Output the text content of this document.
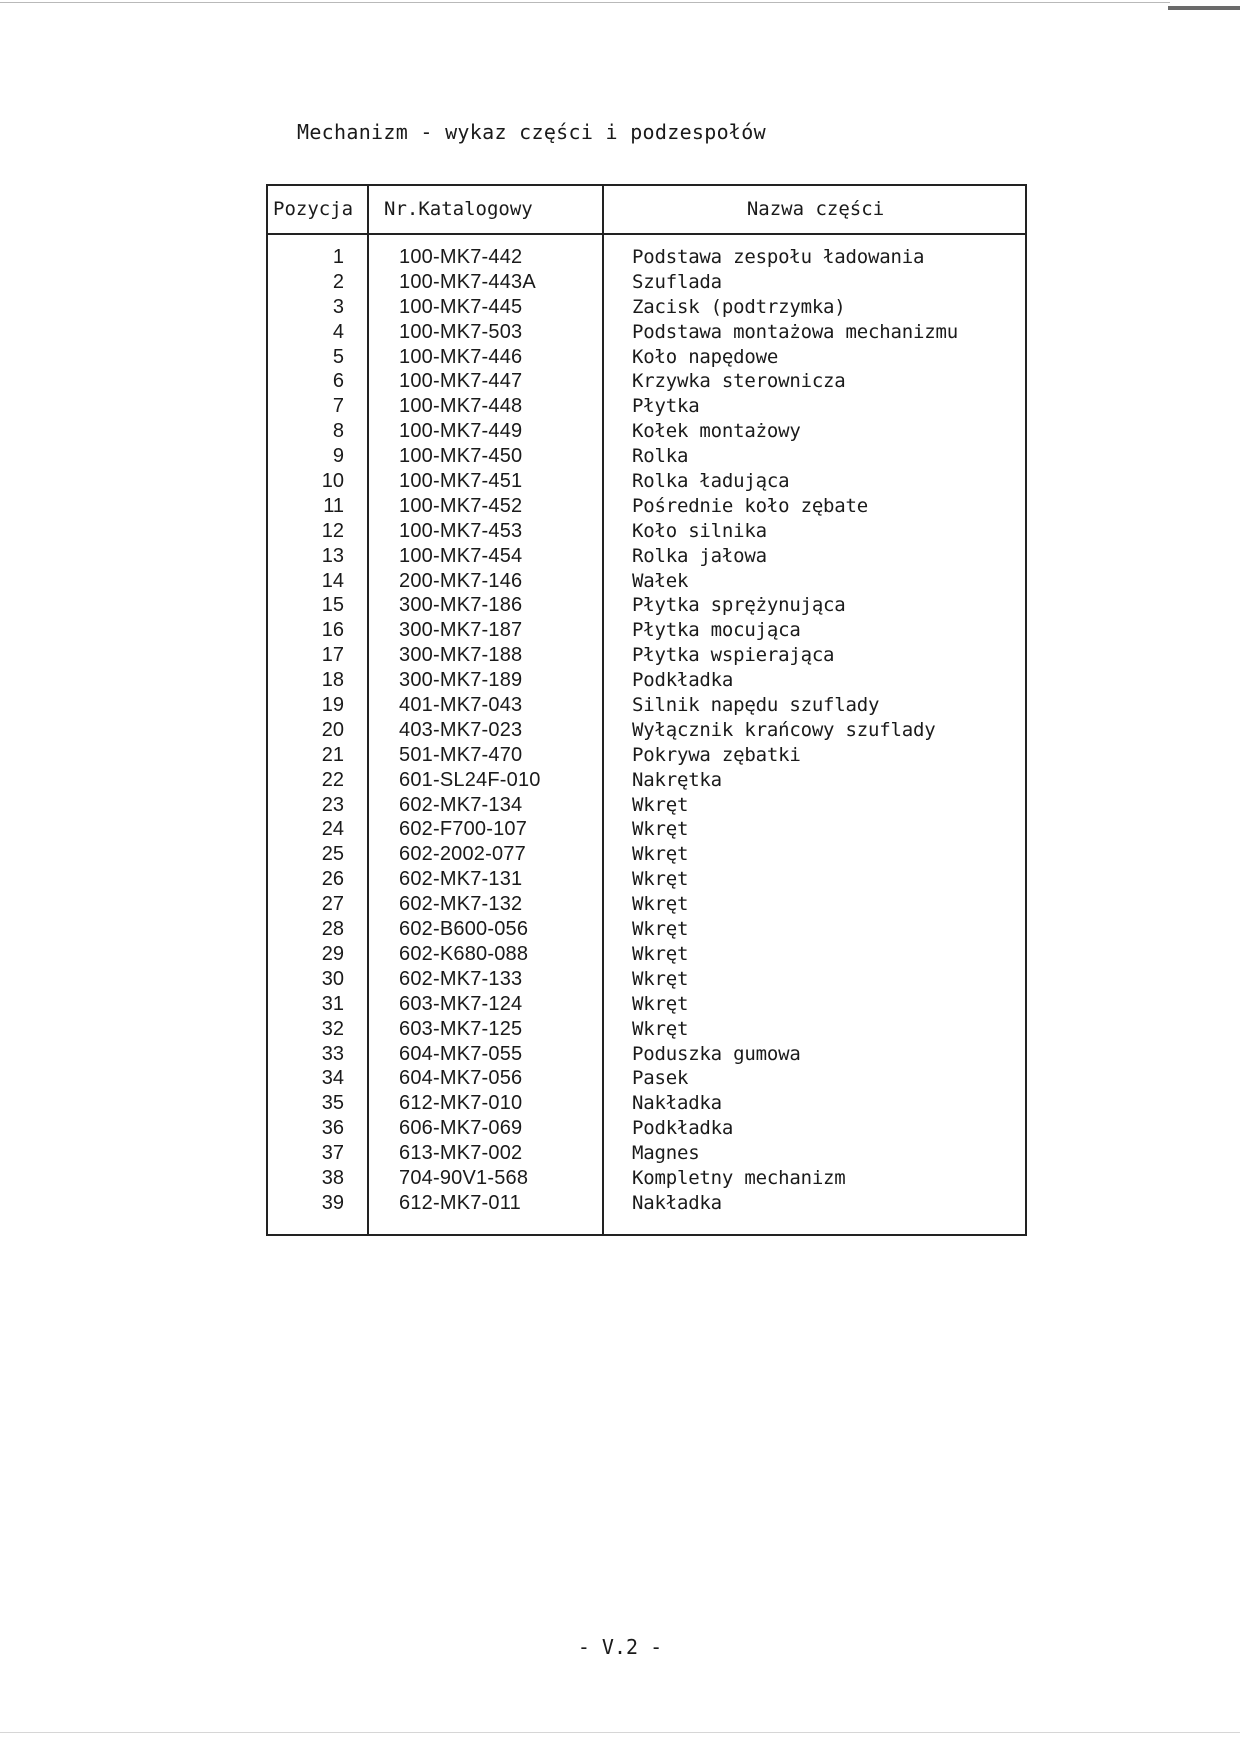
Mechanizm - wykaz części i podzespołów
Pozycja	Nr.Katalogowy	Nazwa części
1	100-MK7-442	Podstawa zespołu ładowania
2	100-MK7-443A	Szuflada
3	100-MK7-445	Zacisk (podtrzymka)
4	100-MK7-503	Podstawa montażowa mechanizmu
5	100-MK7-446	Koło napędowe
6	100-MK7-447	Krzywka sterownicza
7	100-MK7-448	Płytka
8	100-MK7-449	Kołek montażowy
9	100-MK7-450	Rolka
10	100-MK7-451	Rolka ładująca
11	100-MK7-452	Pośrednie koło zębate
12	100-MK7-453	Koło silnika
13	100-MK7-454	Rolka jałowa
14	200-MK7-146	Wałek
15	300-MK7-186	Płytka sprężynująca
16	300-MK7-187	Płytka mocująca
17	300-MK7-188	Płytka wspierająca
18	300-MK7-189	Podkładka
19	401-MK7-043	Silnik napędu szuflady
20	403-MK7-023	Wyłącznik krańcowy szuflady
21	501-MK7-470	Pokrywa zębatki
22	601-SL24F-010	Nakrętka
23	602-MK7-134	Wkręt
24	602-F700-107	Wkręt
25	602-2002-077	Wkręt
26	602-MK7-131	Wkręt
27	602-MK7-132	Wkręt
28	602-B600-056	Wkręt
29	602-K680-088	Wkręt
30	602-MK7-133	Wkręt
31	603-MK7-124	Wkręt
32	603-MK7-125	Wkręt
33	604-MK7-055	Poduszka gumowa
34	604-MK7-056	Pasek
35	612-MK7-010	Nakładka
36	606-MK7-069	Podkładka
37	613-MK7-002	Magnes
38	704-90V1-568	Kompletny mechanizm
39	612-MK7-011	Nakładka
- V.2 -
